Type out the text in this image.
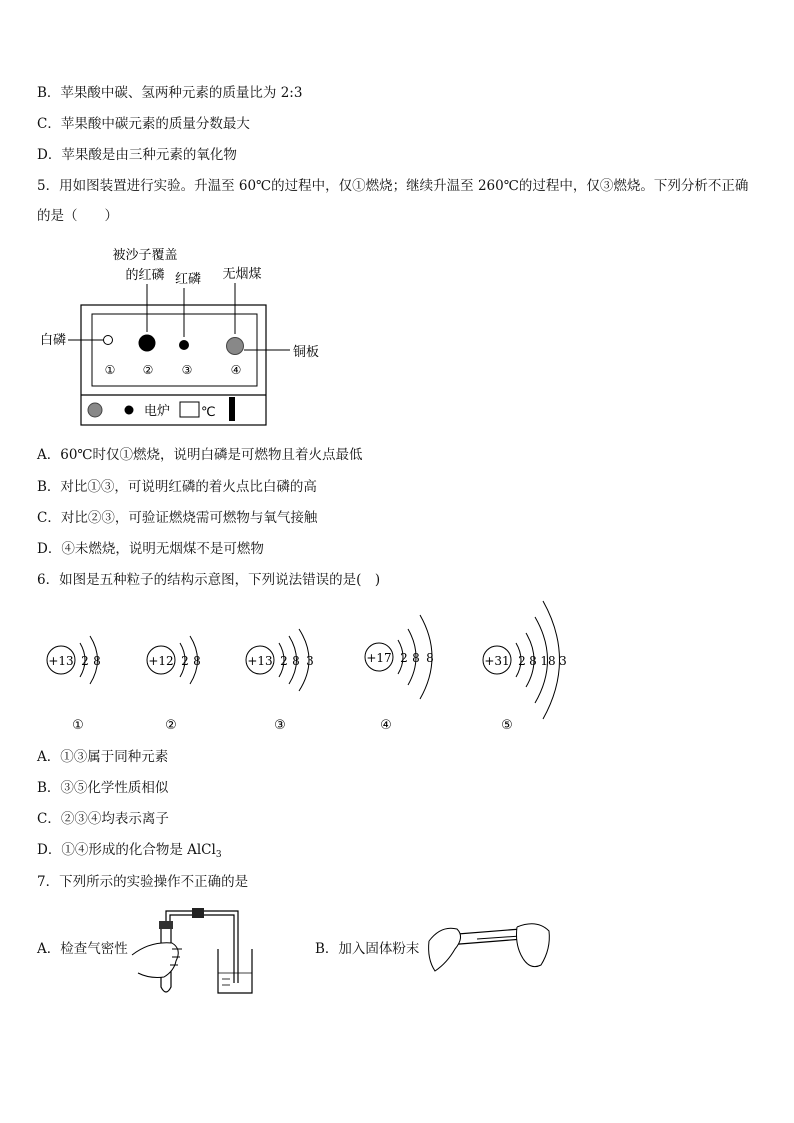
B．苹果酸中碳、氢两种元素的质量比为 2:3
C．苹果酸中碳元素的质量分数最大
D．苹果酸是由三种元素的氧化物
5．用如图装置进行实验。升温至 60℃的过程中，仅①燃烧；继续升温至 260℃的过程中，仅③燃烧。下列分析不正确
的是（　　）
被沙子覆盖
的红磷 红磷 无烟煤
白磷
铜板
① ② ③	④
电炉 ℃
A．60℃时仅①燃烧，说明白磷是可燃物且着火点最低
B．对比①③，可说明红磷的着火点比白磷的高
C．对比②③，可验证燃烧需可燃物与氧气接触
D．④未燃烧，说明无烟煤不是可燃物
6．如图是五种粒子的结构示意图，下列说法错误的是(　)
+13 2 8
①
+12 2 8
②
+13 2 8 3
③
+17 2 8 8
④
+31 2 8 18 3
⑤
A．①③属于同种元素
B．③⑤化学性质相似
C．②③④均表示离子
D．①④形成的化合物是 AlCl$_3$
7．下列所示的实验操作不正确的是
A．检查气密性	B．加入固体粉末
